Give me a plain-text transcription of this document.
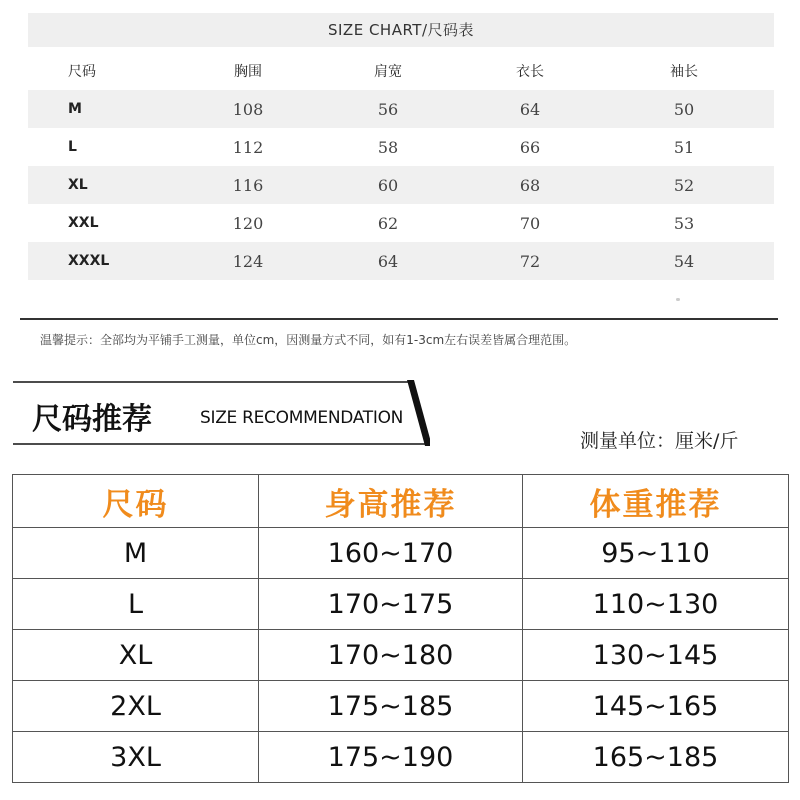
SIZE CHART/尺码表
尺码	胸围	肩宽	衣长	袖长
M	108	56	64	50
L	112	58	66	51
XL	116	60	68	52
XXL	120	62	70	53
XXXL	124	64	72	54
温馨提示：全部均为平铺手工测量，单位cm，因测量方式不同，如有1-3cm左右误差皆属合理范围。
尺码推荐	SIZE RECOMMENDATION
测量单位：厘米/斤
尺码	身高推荐	体重推荐
M	160~170	95~110
L	170~175	110~130
XL	170~180	130~145
2XL	175~185	145~165
3XL	175~190	165~185
